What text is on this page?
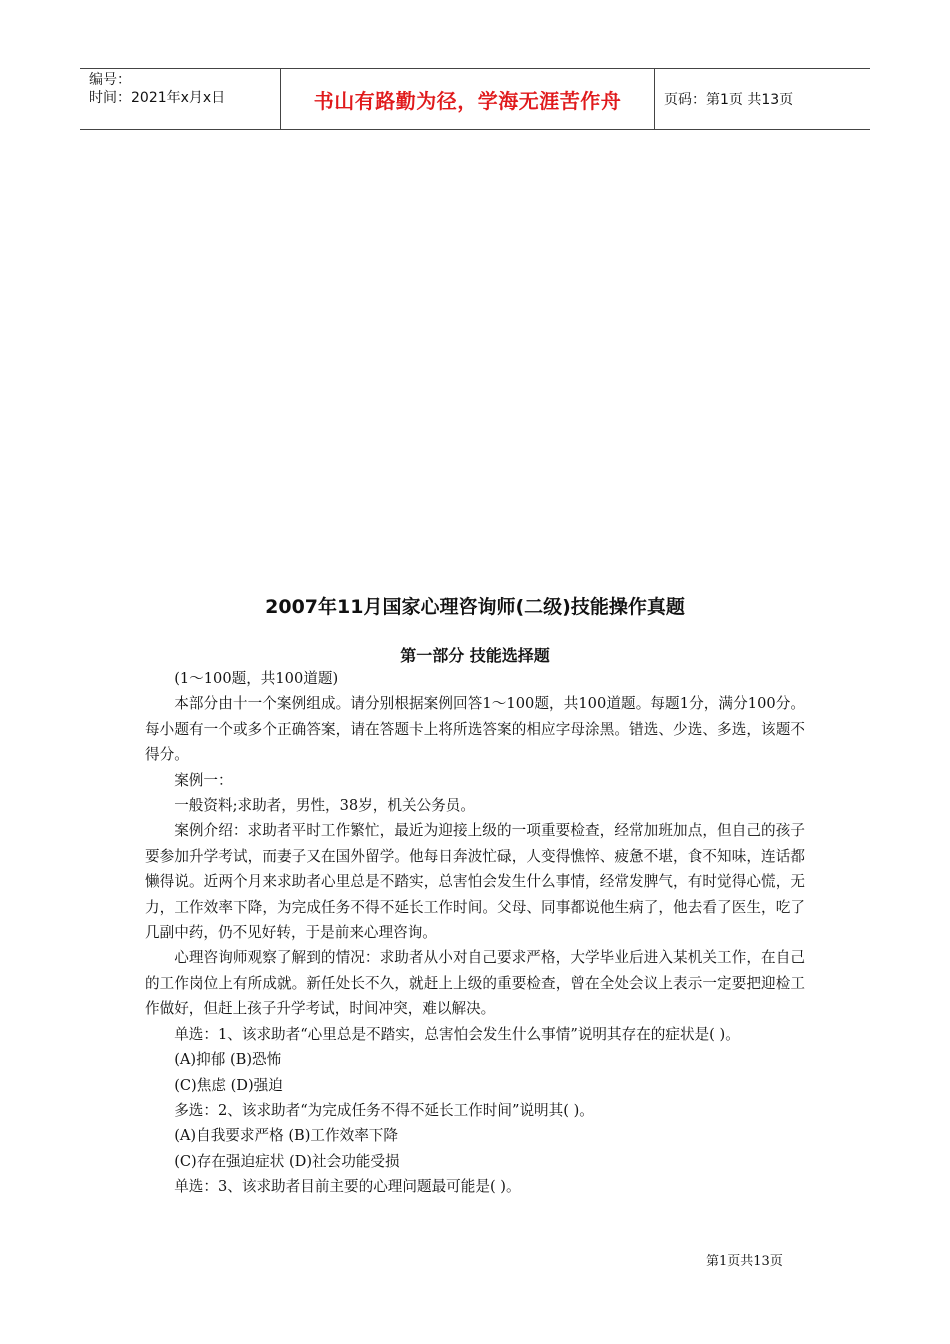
编号：
时间：2021年x月x日	书山有路勤为径，学海无涯苦作舟	页码：第1页 共13页
2007年11月国家心理咨询师(二级)技能操作真题
第一部分 技能选择题

(1～100题，共100道题)

本部分由十一个案例组成。请分别根据案例回答1～100题，共100道题。每题1分，满分100分。每小题有一个或多个正确答案，请在答题卡上将所选答案的相应字母涂黑。错选、少选、多选，该题不得分。

案例一：

一般资料;求助者，男性，38岁，机关公务员。

案例介绍：求助者平时工作繁忙，最近为迎接上级的一项重要检查，经常加班加点，但自己的孩子要参加升学考试，而妻子又在国外留学。他每日奔波忙碌，人变得憔悴、疲惫不堪，食不知味，连话都懒得说。近两个月来求助者心里总是不踏实，总害怕会发生什么事情，经常发脾气，有时觉得心慌，无力，工作效率下降，为完成任务不得不延长工作时间。父母、同事都说他生病了，他去看了医生，吃了几副中药，仍不见好转，于是前来心理咨询。

心理咨询师观察了解到的情况：求助者从小对自己要求严格，大学毕业后进入某机关工作，在自己的工作岗位上有所成就。新任处长不久，就赶上上级的重要检查，曾在全处会议上表示一定要把迎检工作做好，但赶上孩子升学考试，时间冲突，难以解决。

单选：1、该求助者“心里总是不踏实，总害怕会发生什么事情”说明其存在的症状是( )。

(A)抑郁 (B)恐怖

(C)焦虑 (D)强迫

多选：2、该求助者“为完成任务不得不延长工作时间”说明其( )。

(A)自我要求严格 (B)工作效率下降

(C)存在强迫症状 (D)社会功能受损

单选：3、该求助者目前主要的心理问题最可能是( )。

第1页共13页
